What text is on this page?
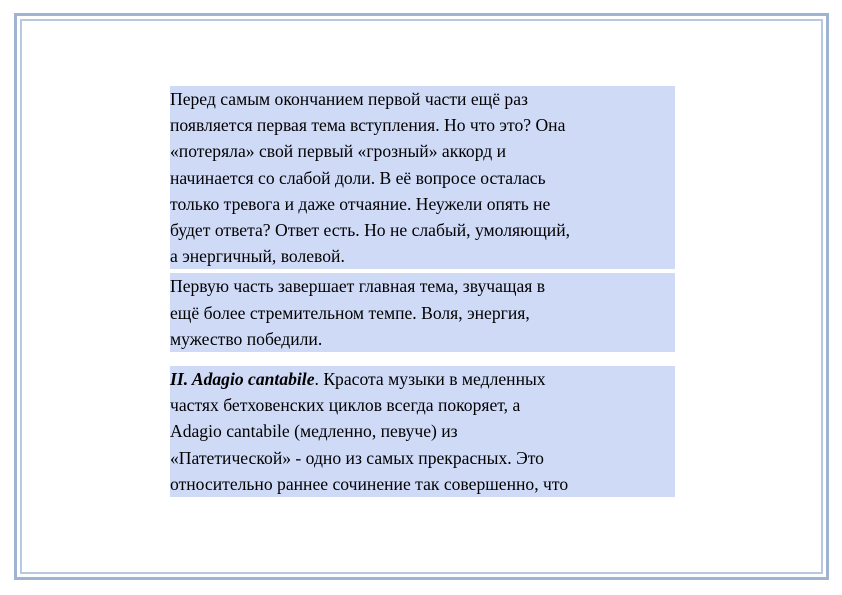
Перед самым окончанием первой части ещё раз
появляется первая тема вступления. Но что это? Она
«потеряла» свой первый «грозный» аккорд и
начинается со слабой доли. В её вопросе осталась
только тревога и даже отчаяние. Неужели опять не
будет ответа? Ответ есть. Но не слабый, умоляющий,
а энергичный, волевой.

Первую часть завершает главная тема, звучащая в
ещё более стремительном темпе. Воля, энергия,
мужество победили.

II. Adagio cantabile. Красота музыки в медленных
частях бетховенских циклов всегда покоряет, а
Adagio cantabile (медленно, певуче) из
«Патетической» - одно из самых прекрасных. Это
относительно раннее сочинение так совершенно, что
